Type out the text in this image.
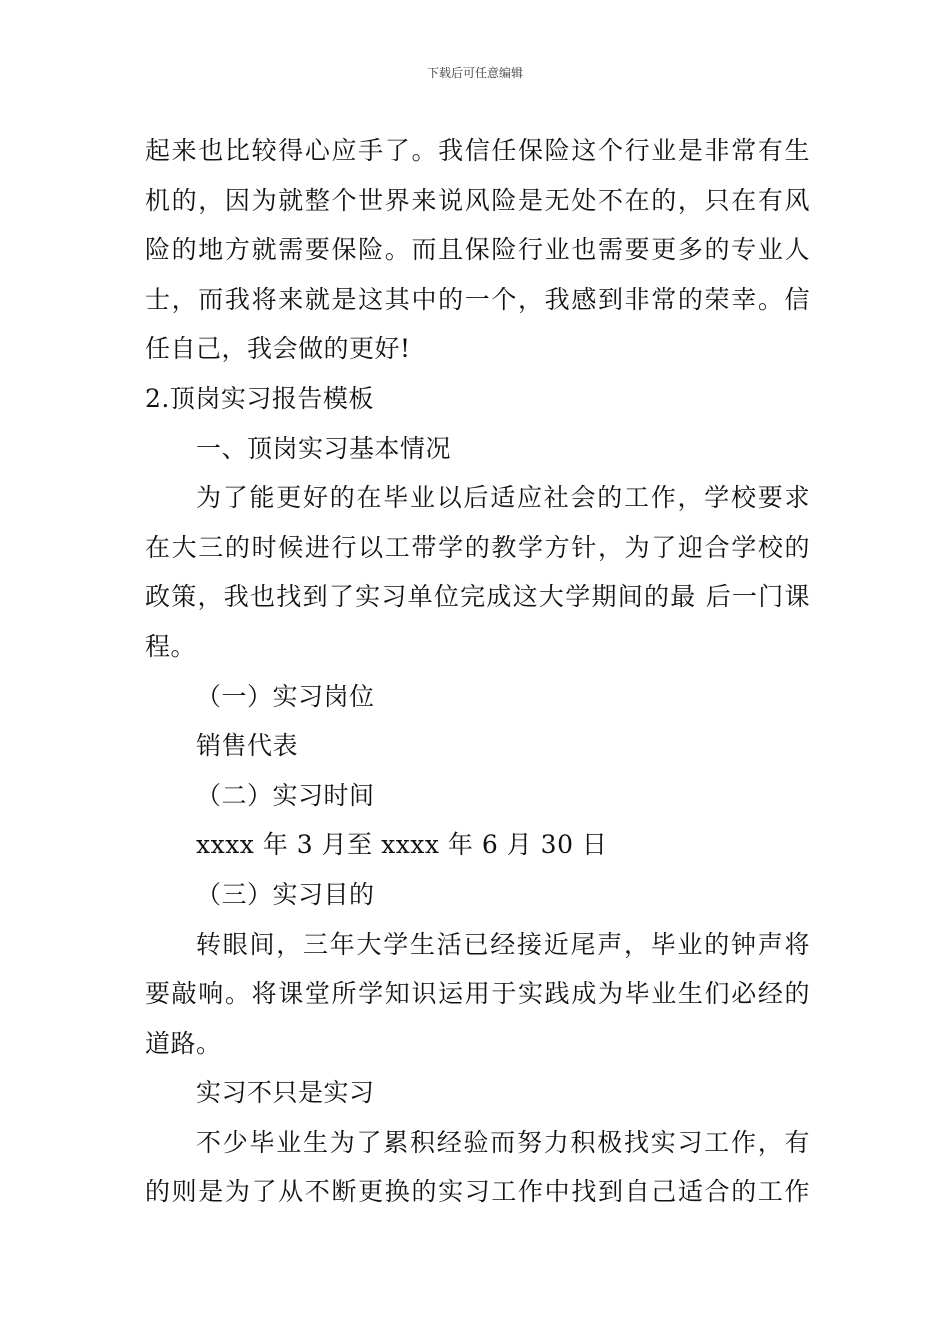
下载后可任意编辑
起来也比较得心应手了。我信任保险这个行业是非常有生
机的，因为就整个世界来说风险是无处不在的，只在有风
险的地方就需要保险。而且保险行业也需要更多的专业人
士，而我将来就是这其中的一个，我感到非常的荣幸。信
任自己，我会做的更好!
2.顶岗实习报告模板
一、顶岗实习基本情况
为了能更好的在毕业以后适应社会的工作，学校要求
在大三的时候进行以工带学的教学方针，为了迎合学校的
政策，我也找到了实习单位完成这大学期间的最 后一门课
程。
（一）实习岗位
销售代表
（二）实习时间
xxxx 年 3 月至 xxxx 年 6 月 30 日
（三）实习目的
转眼间，三年大学生活已经接近尾声，毕业的钟声将
要敲响。将课堂所学知识运用于实践成为毕业生们必经的
道路。
实习不只是实习
不少毕业生为了累积经验而努力积极找实习工作，有
的则是为了从不断更换的实习工作中找到自己适合的工作
